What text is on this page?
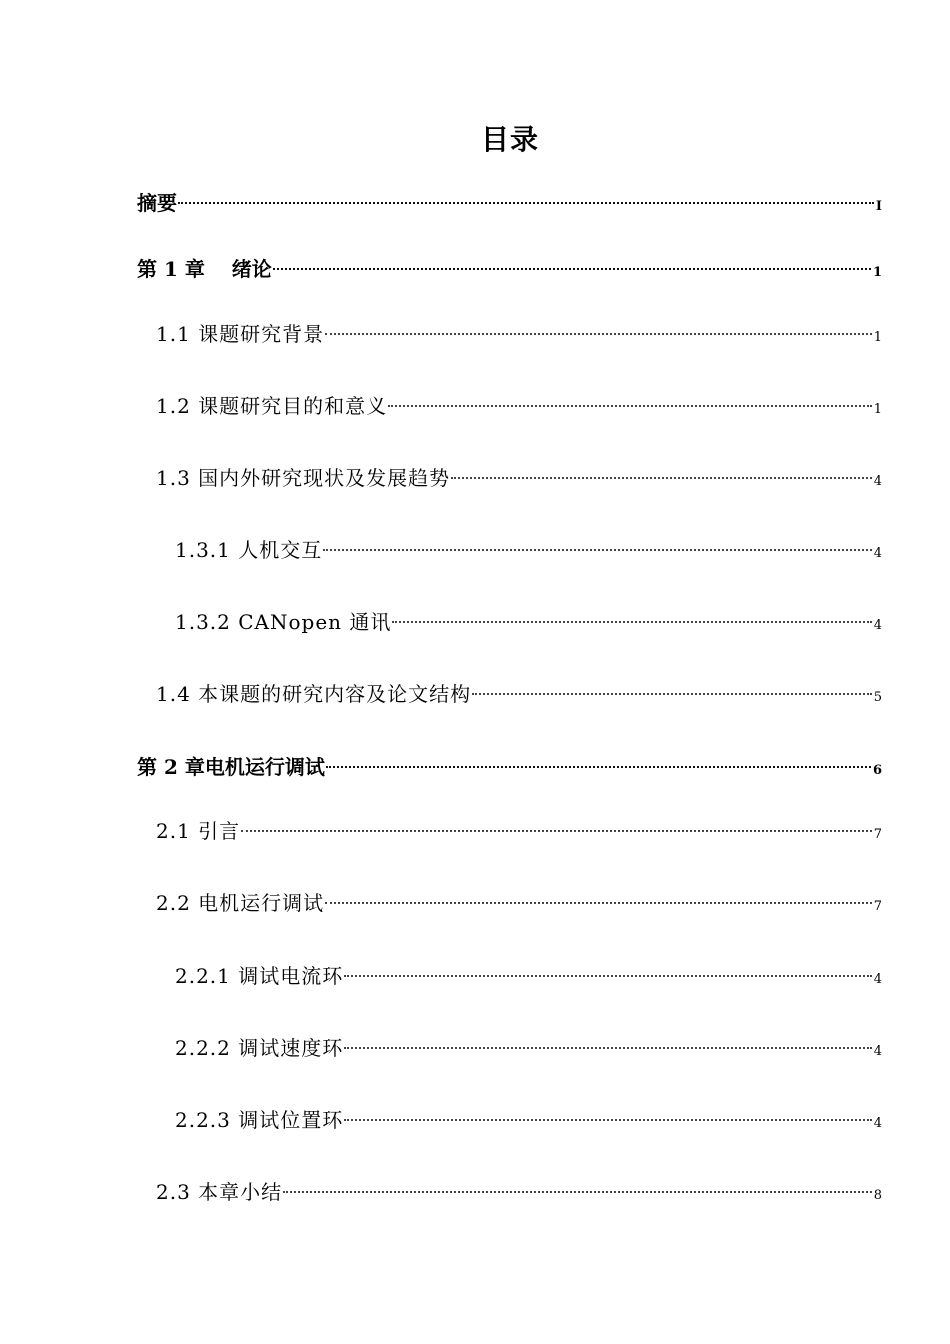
目录
摘要	I
第 1 章　 绪论	1
1.1 课题研究背景	1
1.2 课题研究目的和意义	1
1.3 国内外研究现状及发展趋势	4
1.3.1 人机交互	4
1.3.2 CANopen 通讯	4
1.4 本课题的研究内容及论文结构	5
第 2 章电机运行调试	6
2.1 引言	7
2.2 电机运行调试	7
2.2.1 调试电流环	4
2.2.2 调试速度环	4
2.2.3 调试位置环	4
2.3 本章小结	8
